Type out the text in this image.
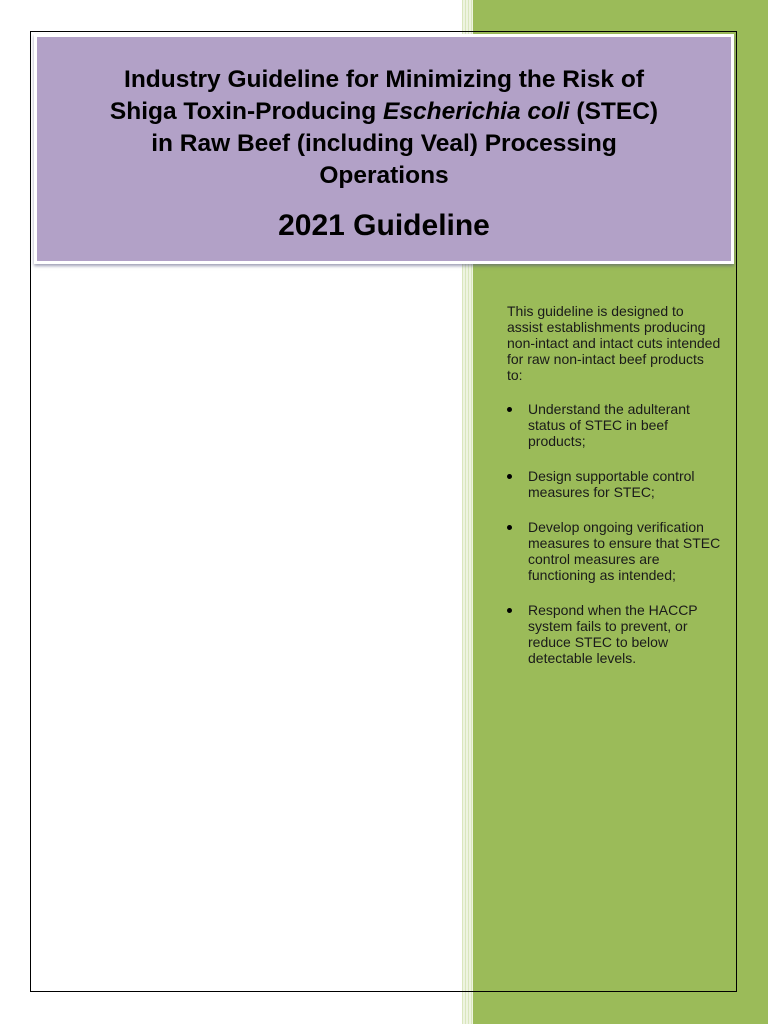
Industry Guideline for Minimizing the Risk of
Shiga Toxin-Producing Escherichia coli (STEC)
in Raw Beef (including Veal) Processing
Operations
2021 Guideline

This guideline is designed to assist establishments producing non-intact and intact cuts intended for raw non-intact beef products to:

Understand the adulterant status of STEC in beef products;
Design supportable control measures for STEC;
Develop ongoing verification measures to ensure that STEC control measures are functioning as intended;
Respond when the HACCP system fails to prevent, or reduce STEC to below detectable levels.
